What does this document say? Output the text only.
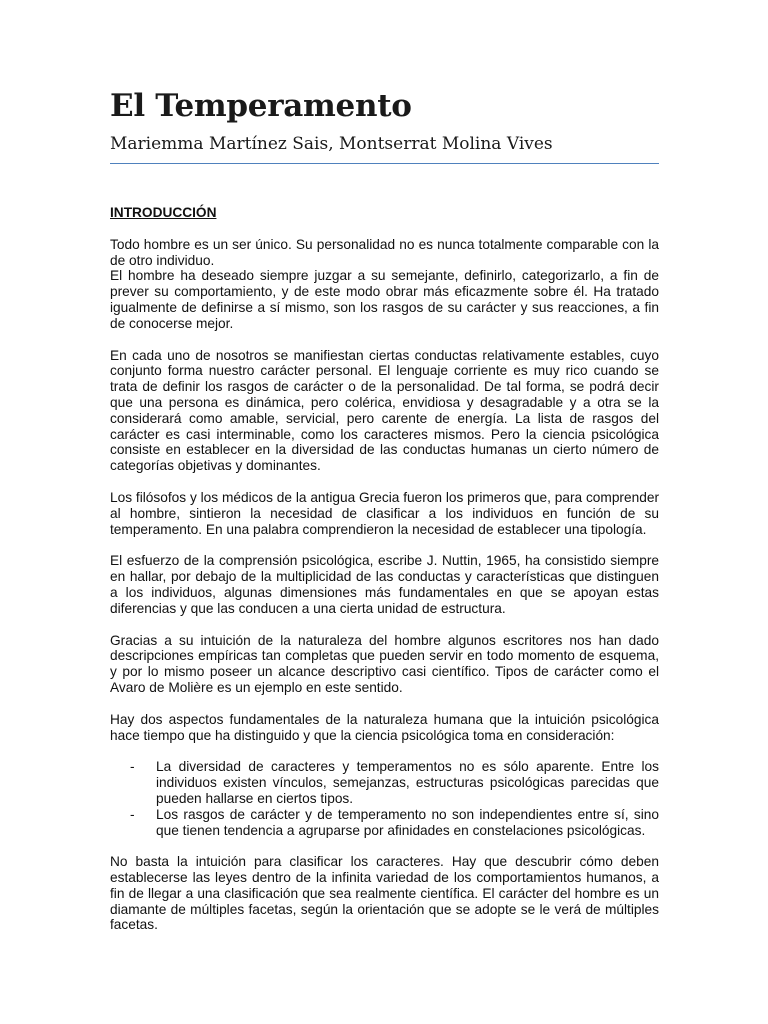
El Temperamento

Mariemma Martínez Sais, Montserrat Molina Vives

INTRODUCCIÓN

Todo hombre es un ser único. Su personalidad no es nunca totalmente comparable con la de otro individuo.
El hombre ha deseado siempre juzgar a su semejante, definirlo, categorizarlo, a fin de prever su comportamiento, y de este modo obrar más eficazmente sobre él. Ha tratado igualmente de definirse a sí mismo, son los rasgos de su carácter y sus reacciones, a fin de conocerse mejor.

En cada uno de nosotros se manifiestan ciertas conductas relativamente estables, cuyo conjunto forma nuestro carácter personal. El lenguaje corriente es muy rico cuando se trata de definir los rasgos de carácter o de la personalidad. De tal forma, se podrá decir que una persona es dinámica, pero colérica, envidiosa y desagradable y a otra se la considerará como amable, servicial, pero carente de energía. La lista de rasgos del carácter es casi interminable, como los caracteres mismos. Pero la ciencia psicológica consiste en establecer en la diversidad de las conductas humanas un cierto número de categorías objetivas y dominantes.

Los filósofos y los médicos de la antigua Grecia fueron los primeros que, para comprender al hombre, sintieron la necesidad de clasificar a los individuos en función de su temperamento. En una palabra comprendieron la necesidad de establecer una tipología.

El esfuerzo de la comprensión psicológica, escribe J. Nuttin, 1965, ha consistido siempre en hallar, por debajo de la multiplicidad de las conductas y características que distinguen a los individuos, algunas dimensiones más fundamentales en que se apoyan estas diferencias y que las conducen a una cierta unidad de estructura.

Gracias a su intuición de la naturaleza del hombre algunos escritores nos han dado descripciones empíricas tan completas que pueden servir en todo momento de esquema, y por lo mismo poseer un alcance descriptivo casi científico. Tipos de carácter como el Avaro de Molière es un ejemplo en este sentido.

Hay dos aspectos fundamentales de la naturaleza humana que la intuición psicológica hace tiempo que ha distinguido y que la ciencia psicológica toma en consideración:

- La diversidad de caracteres y temperamentos no es sólo aparente. Entre los individuos existen vínculos, semejanzas, estructuras psicológicas parecidas que pueden hallarse en ciertos tipos.
- Los rasgos de carácter y de temperamento no son independientes entre sí, sino que tienen tendencia a agruparse por afinidades en constelaciones psicológicas.

No basta la intuición para clasificar los caracteres. Hay que descubrir cómo deben establecerse las leyes dentro de la infinita variedad de los comportamientos humanos, a fin de llegar a una clasificación que sea realmente científica. El carácter del hombre es un diamante de múltiples facetas, según la orientación que se adopte se le verá de múltiples facetas.
